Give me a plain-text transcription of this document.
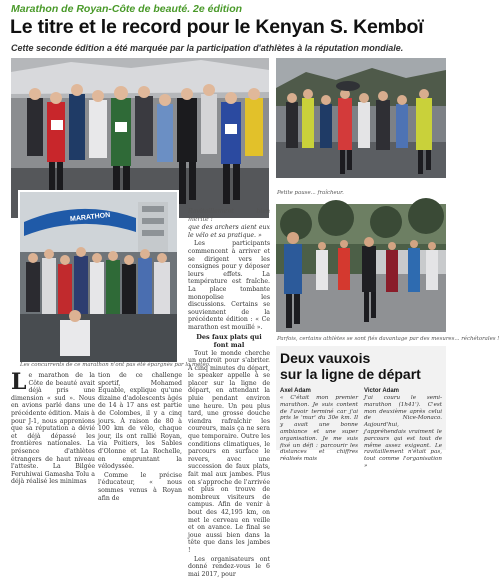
Marathon de Royan-Côte de beauté. 2e édition
Le titre et le record pour le Kenyan S. Kemboï
Cette seconde édition a été marquée par la participation d'athlètes à la réputation mondiale.
MARATHON
Les concurrents de ce marathon n'ont pas été épargnés par la météo.
Petite pause... fraîcheur.
Parfois, certains athlètes se sont fiés davantage par des mesures... réchétorales !
L e marathon de la Côte de beauté avait déjà pris une dimension « sud ». Nous en avions parlé dans une précédente édition. Mais à pour J-1, nous apprenions que sa réputation a dévié et déjà dépassé les frontières nationales. La présence d'athlètes étrangers de haut niveau l'atteste. La Bilgée Feruhiwai Gamasha Tolu a déjà réalisé les minimas

tion de ce challenge sportif, Mohamed Equable, explique qu'une dizaine d'adolescents âgés de 14 à 17 ans est partie de Colombes, il y a cinq jours. À raison de 80 à 100 km de vélo, chaque jour, ils ont rallié Royan, via Poitiers, les Sables d'Olonne et La Rochelle, en empruntant la vélodyssée.

Comme le précise l'éducateur, « nous sommes venus à Royan afin de

Ravitaillement bien mérité !

que des archers aient eux le vélo et sa pratique. »

Les participants commencent à arriver et se dirigent vers les consignes pour y déposer leurs effets. La température est fraîche. La place tombante monopolise les discussions. Certains se souviennent de la précédente édition : « Ce marathon est mouillé ».

Des faux plats qui font mal

Tout le monde cherche un endroit pour s'abriter. À cinq minutes du départ, le speaker appelle à se placer sur la ligne de départ, en attendant la pluie pendant environ une heure. Un peu plus tard, une grosse douche viendra rafraîchir les coureurs, mais ça ne sera que temporaire. Outre les conditions climatiques, le parcours en surface le revers, avec une succession de faux plats, fait mal aux jambes. Plus on s'approche de l'arrivée et plus on trouve de nombreux visiteurs de campus. Afin de venir à bout des 42,195 km, on met le cerveau en veille et on avance. Le final se joue aussi bien dans la tête que dans les jambes !

Les organisateurs ont donné rendez-vous le 6 mai 2017, pour

Deux vauxois
sur la ligne de départ
Axel Adam
« C'était mon premier marathon. Je suis content de l'avoir terminé car j'ai pris le 'mur' du 30e km. Il y avait une bonne ambiance et une super organisation. Je me suis fixé un défi : parcourir les distances et chiffres réalisés mais
Victor Adam
J'ai couru le semi-marathon (1h41'). C'est mon deuxième après celui de Nice-Monaco. Aujourd'hui, j'appréhendais vraiment le parcours qui est tout de même assez exigeant. Le ravitaillement n'était pas, tout comme l'organisation »
